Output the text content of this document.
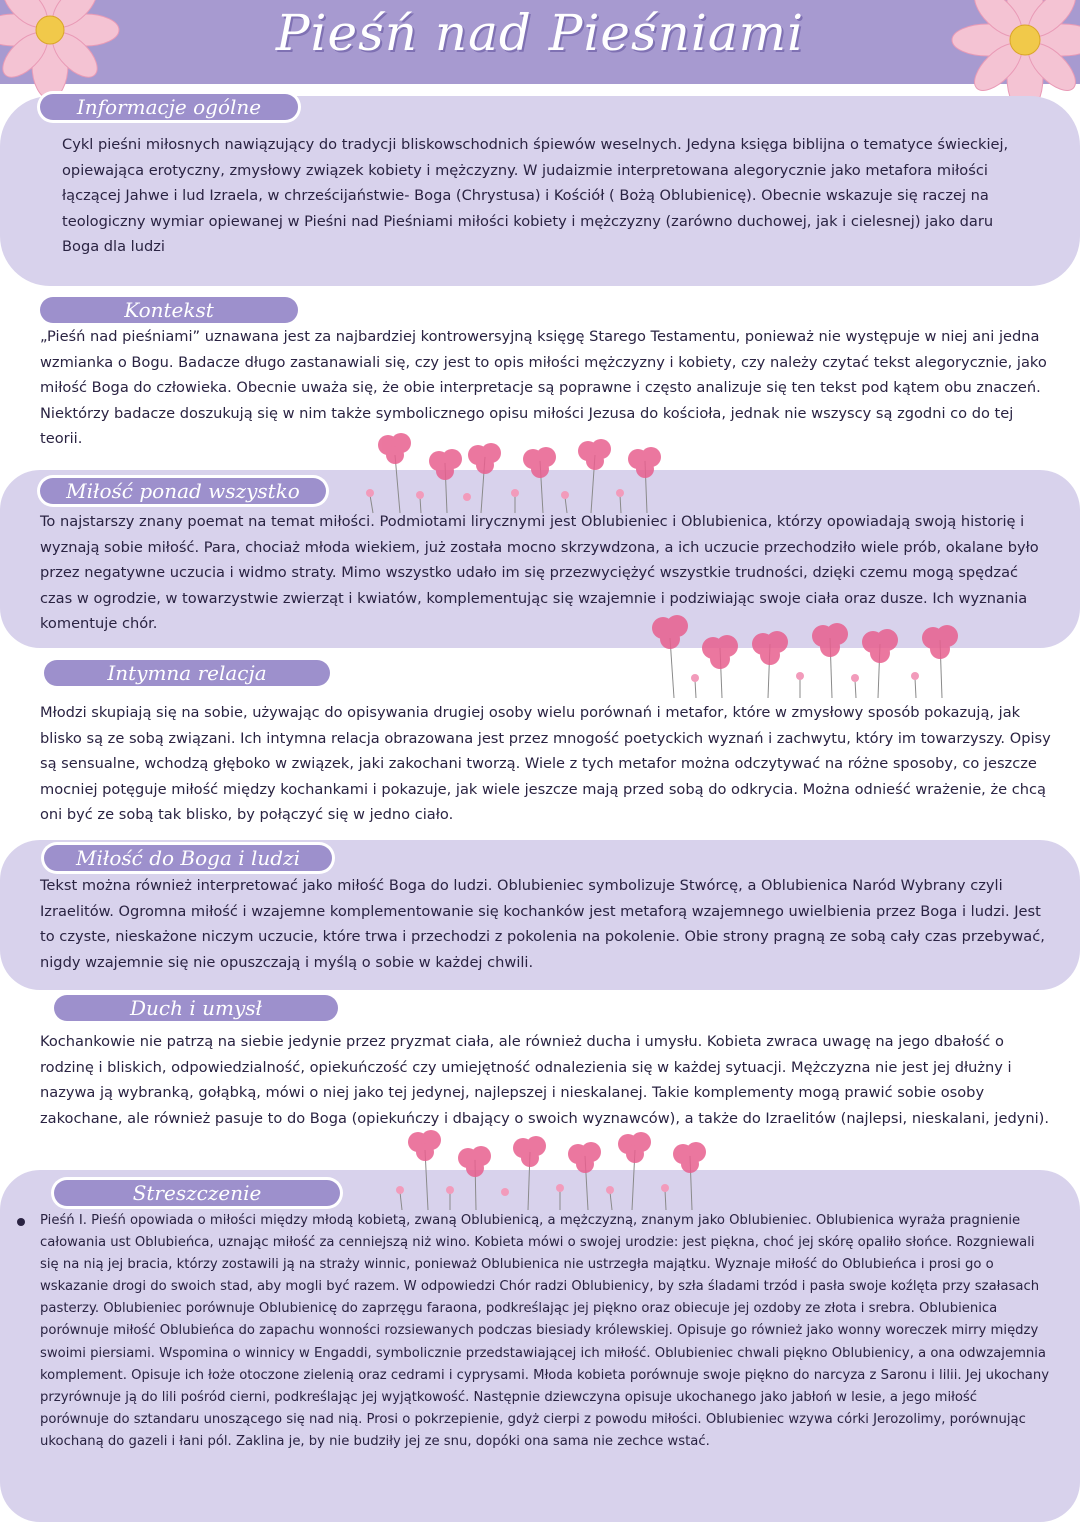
Pieśń nad Pieśniami
Informacje ogólne
Cykl pieśni miłosnych nawiązujący do tradycji bliskowschodnich śpiewów weselnych. Jedyna księga biblijna o tematyce świeckiej, opiewająca erotyczny, zmysłowy związek kobiety i mężczyzny. W judaizmie interpretowana alegorycznie jako metafora miłości łączącej Jahwe i lud Izraela, w chrześcijaństwie- Boga (Chrystusa) i Kościół ( Bożą Oblubienicę). Obecnie wskazuje się raczej na teologiczny wymiar opiewanej w Pieśni nad Pieśniami miłości kobiety i mężczyzny (zarówno duchowej, jak i cielesnej) jako daru Boga dla ludzi
Kontekst
„Pieśń nad pieśniami” uznawana jest za najbardziej kontrowersyjną księgę Starego Testamentu, ponieważ nie występuje w niej ani jedna wzmianka o Bogu. Badacze długo zastanawiali się, czy jest to opis miłości mężczyzny i kobiety, czy należy czytać tekst alegorycznie, jako miłość Boga do człowieka. Obecnie uważa się, że obie interpretacje są poprawne i często analizuje się ten tekst pod kątem obu znaczeń. Niektórzy badacze doszukują się w nim także symbolicznego opisu miłości Jezusa do kościoła, jednak nie wszyscy są zgodni co do tej teorii.
Miłość ponad wszystko
To najstarszy znany poemat na temat miłości. Podmiotami lirycznymi jest Oblubieniec i Oblubienica, którzy opowiadają swoją historię i wyznają sobie miłość. Para, chociaż młoda wiekiem, już została mocno skrzywdzona, a ich uczucie przechodziło wiele prób, okalane było przez negatywne uczucia i widmo straty. Mimo wszystko udało im się przezwyciężyć wszystkie trudności, dzięki czemu mogą spędzać czas w ogrodzie, w towarzystwie zwierząt i kwiatów, komplementując się wzajemnie i podziwiając swoje ciała oraz dusze. Ich wyznania komentuje chór.
Intymna relacja
Młodzi skupiają się na sobie, używając do opisywania drugiej osoby wielu porównań i metafor, które w zmysłowy sposób pokazują, jak blisko są ze sobą związani. Ich intymna relacja obrazowana jest przez mnogość poetyckich wyznań i zachwytu, który im towarzyszy. Opisy są sensualne, wchodzą głęboko w związek, jaki zakochani tworzą. Wiele z tych metafor można odczytywać na różne sposoby, co jeszcze mocniej potęguje miłość między kochankami i pokazuje, jak wiele jeszcze mają przed sobą do odkrycia. Można odnieść wrażenie, że chcą oni być ze sobą tak blisko, by połączyć się w jedno ciało.
Miłość do Boga i ludzi
Tekst można również interpretować jako miłość Boga do ludzi. Oblubieniec symbolizuje Stwórcę, a Oblubienica Naród Wybrany czyli Izraelitów. Ogromna miłość i wzajemne komplementowanie się kochanków jest metaforą wzajemnego uwielbienia przez Boga i ludzi. Jest to czyste, nieskażone niczym uczucie, które trwa i przechodzi z pokolenia na pokolenie. Obie strony pragną ze sobą cały czas przebywać, nigdy wzajemnie się nie opuszczają i myślą o sobie w każdej chwili.
Duch i umysł
Kochankowie nie patrzą na siebie jedynie przez pryzmat ciała, ale również ducha i umysłu. Kobieta zwraca uwagę na jego dbałość o rodzinę i bliskich, odpowiedzialność, opiekuńczość czy umiejętność odnalezienia się w każdej sytuacji. Mężczyzna nie jest jej dłużny i nazywa ją wybranką, gołąbką, mówi o niej jako tej jedynej, najlepszej i nieskalanej. Takie komplementy mogą prawić sobie osoby zakochane, ale również pasuje to do Boga (opiekuńczy i dbający o swoich wyznawców), a także do Izraelitów (najlepsi, nieskalani, jedyni).
Streszczenie
Pieśń I. Pieśń opowiada o miłości między młodą kobietą, zwaną Oblubienicą, a mężczyzną, znanym jako Oblubieniec. Oblubienica wyraża pragnienie całowania ust Oblubieńca, uznając miłość za cenniejszą niż wino. Kobieta mówi o swojej urodzie: jest piękna, choć jej skórę opaliło słońce. Rozgniewali się na nią jej bracia, którzy zostawili ją na straży winnic, ponieważ Oblubienica nie ustrzegła majątku. Wyznaje miłość do Oblubieńca i prosi go o wskazanie drogi do swoich stad, aby mogli być razem. W odpowiedzi Chór radzi Oblubienicy, by szła śladami trzód i pasła swoje koźlęta przy szałasach pasterzy. Oblubieniec porównuje Oblubienicę do zaprzęgu faraona, podkreślając jej piękno oraz obiecuje jej ozdoby ze złota i srebra. Oblubienica porównuje miłość Oblubieńca do zapachu wonności rozsiewanych podczas biesiady królewskiej. Opisuje go również jako wonny woreczek mirry między swoimi piersiami. Wspomina o winnicy w Engaddi, symbolicznie przedstawiającej ich miłość. Oblubieniec chwali piękno Oblubienicy, a ona odwzajemnia komplement. Opisuje ich łoże otoczone zielenią oraz cedrami i cyprysami. Młoda kobieta porównuje swoje piękno do narcyza z Saronu i lilii. Jej ukochany przyrównuje ją do lili pośród cierni, podkreślając jej wyjątkowość. Następnie dziewczyna opisuje ukochanego jako jabłoń w lesie, a jego miłość porównuje do sztandaru unoszącego się nad nią. Prosi o pokrzepienie, gdyż cierpi z powodu miłości. Oblubieniec wzywa córki Jerozolimy, porównując ukochaną do gazeli i łani pól. Zaklina je, by nie budziły jej ze snu, dopóki ona sama nie zechce wstać.
